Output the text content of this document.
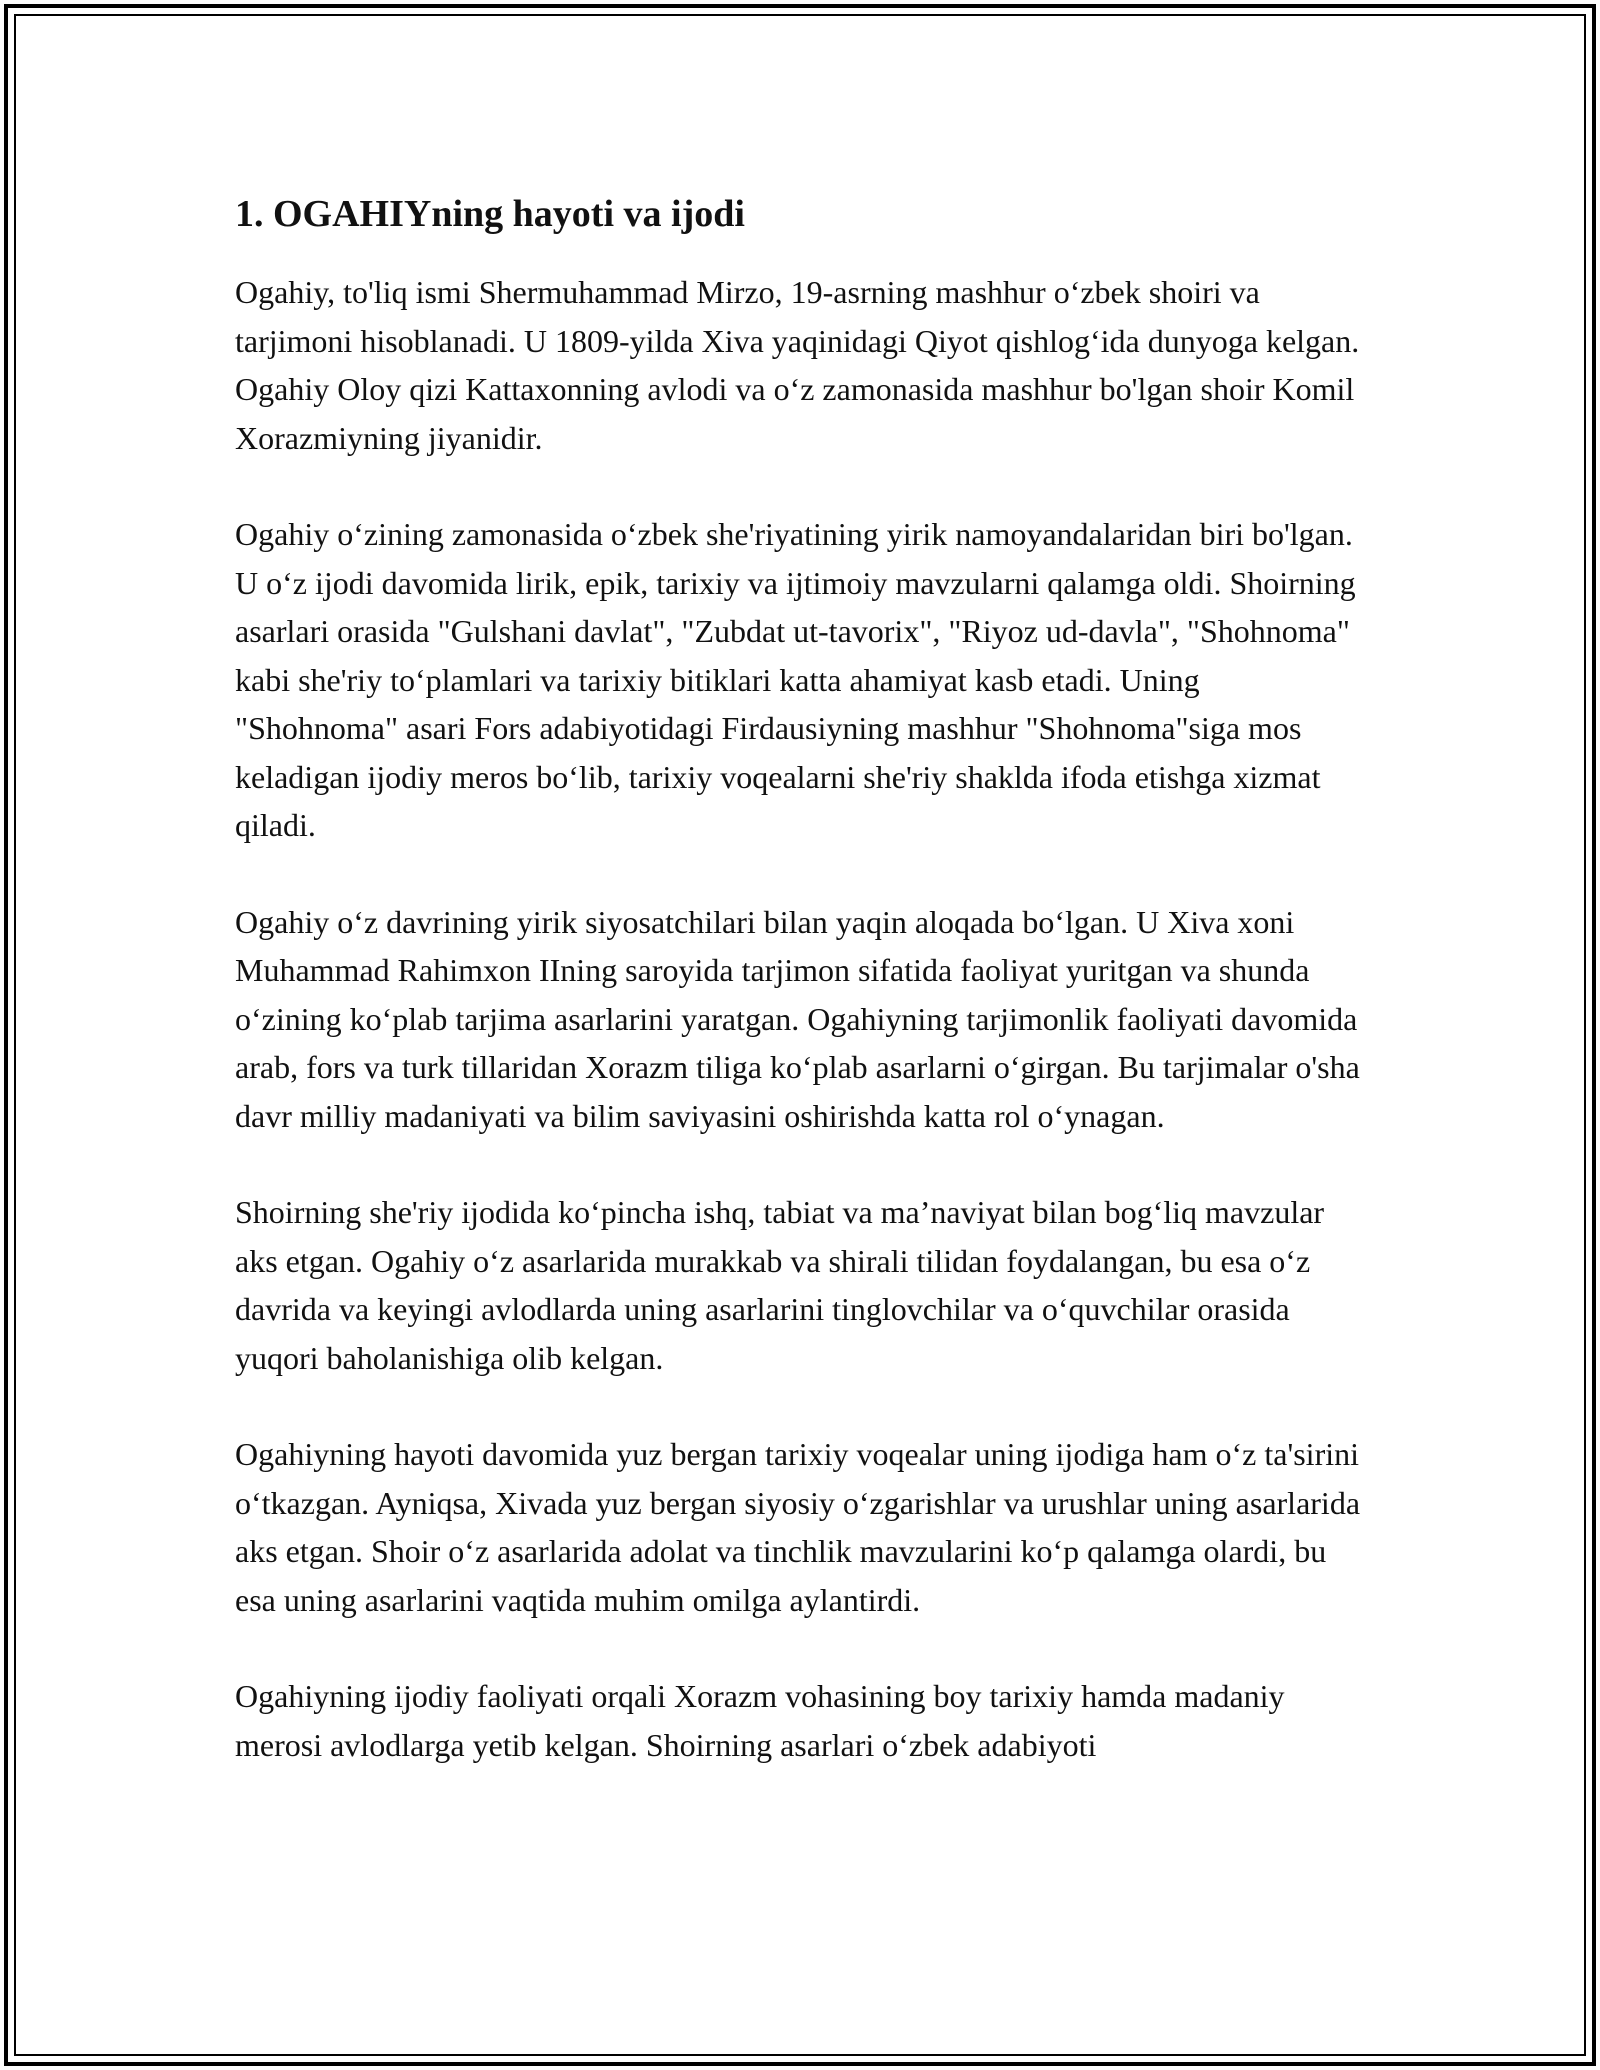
1. OGAHIYning hayoti va ijodi

Ogahiy, to'liq ismi Shermuhammad Mirzo, 19-asrning mashhur o‘zbek shoiri va tarjimoni hisoblanadi. U 1809-yilda Xiva yaqinidagi Qiyot qishlog‘ida dunyoga kelgan. Ogahiy Oloy qizi Kattaxonning avlodi va o‘z zamonasida mashhur bo'lgan shoir Komil Xorazmiyning jiyanidir.

Ogahiy o‘zining zamonasida o‘zbek she'riyatining yirik namoyandalaridan biri bo'lgan. U o‘z ijodi davomida lirik, epik, tarixiy va ijtimoiy mavzularni qalamga oldi. Shoirning asarlari orasida "Gulshani davlat", "Zubdat ut-tavorix", "Riyoz ud-davla", "Shohnoma" kabi she'riy to‘plamlari va tarixiy bitiklari katta ahamiyat kasb etadi. Uning "Shohnoma" asari Fors adabiyotidagi Firdausiyning mashhur "Shohnoma"siga mos keladigan ijodiy meros bo‘lib, tarixiy voqealarni she'riy shaklda ifoda etishga xizmat qiladi.

Ogahiy o‘z davrining yirik siyosatchilari bilan yaqin aloqada bo‘lgan. U Xiva xoni Muhammad Rahimxon IIning saroyida tarjimon sifatida faoliyat yuritgan va shunda o‘zining ko‘plab tarjima asarlarini yaratgan. Ogahiyning tarjimonlik faoliyati davomida arab, fors va turk tillaridan Xorazm tiliga ko‘plab asarlarni o‘girgan. Bu tarjimalar o'sha davr milliy madaniyati va bilim saviyasini oshirishda katta rol o‘ynagan.

Shoirning she'riy ijodida ko‘pincha ishq, tabiat va ma’naviyat bilan bog‘liq mavzular aks etgan. Ogahiy o‘z asarlarida murakkab va shirali tilidan foydalangan, bu esa o‘z davrida va keyingi avlodlarda uning asarlarini tinglovchilar va o‘quvchilar orasida yuqori baholanishiga olib kelgan.

Ogahiyning hayoti davomida yuz bergan tarixiy voqealar uning ijodiga ham o‘z ta'sirini o‘tkazgan. Ayniqsa, Xivada yuz bergan siyosiy o‘zgarishlar va urushlar uning asarlarida aks etgan. Shoir o‘z asarlarida adolat va tinchlik mavzularini ko‘p qalamga olardi, bu esa uning asarlarini vaqtida muhim omilga aylantirdi.

Ogahiyning ijodiy faoliyati orqali Xorazm vohasining boy tarixiy hamda madaniy merosi avlodlarga yetib kelgan. Shoirning asarlari o‘zbek adabiyoti
